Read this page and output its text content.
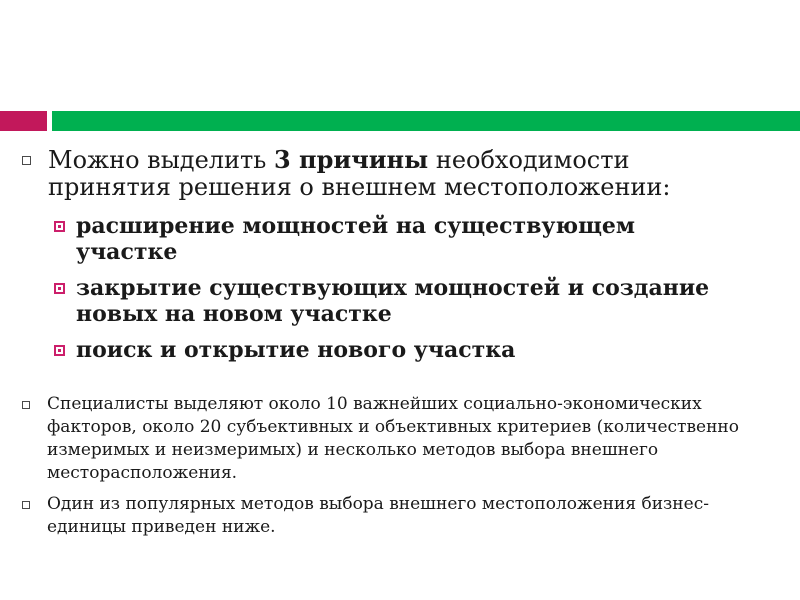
Можно выделить 3 причины необходимости принятия решения о внешнем местоположении:
расширение мощностей на существующем участке
закрытие существующих мощностей и создание новых на новом участке
поиск и открытие нового участка
Специалисты выделяют около 10 важнейших социально-экономических факторов, около 20 субъективных и объективных критериев (количественно измеримых и неизмеримых) и несколько методов выбора внешнего месторасположения.
Один из популярных методов выбора внешнего местоположения бизнес-единицы приведен ниже.
